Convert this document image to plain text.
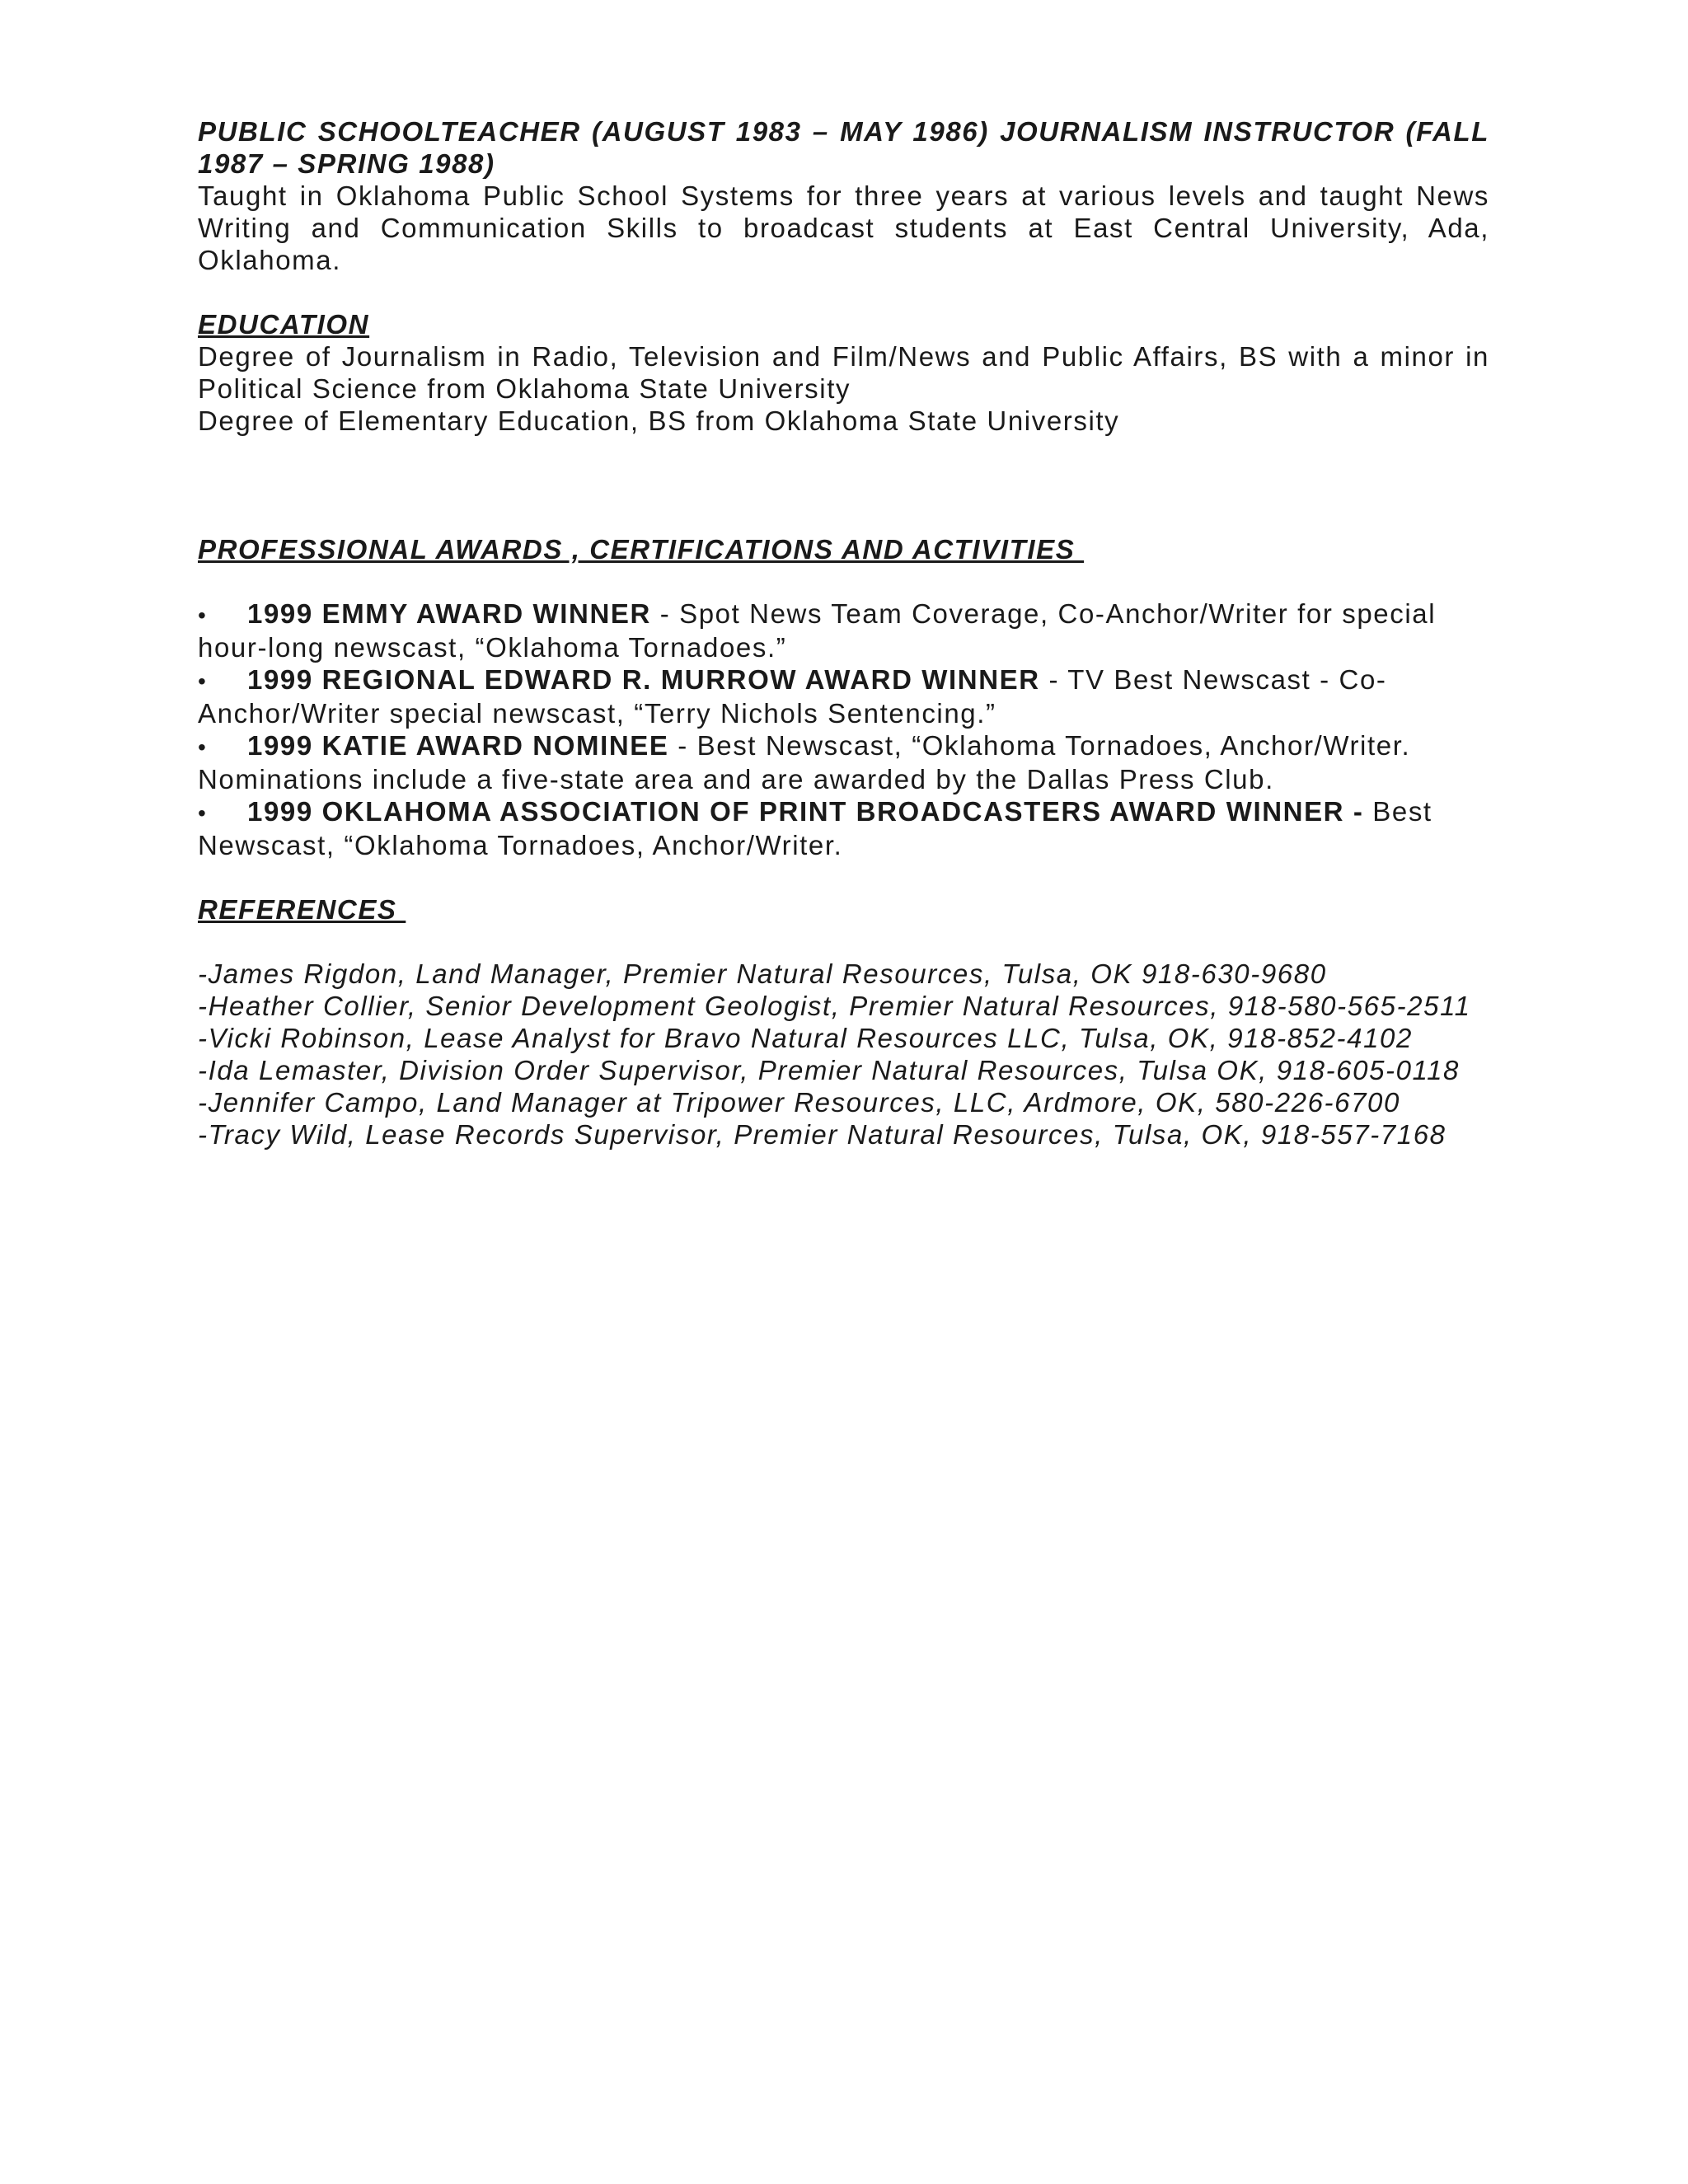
PUBLIC SCHOOLTEACHER (AUGUST 1983 – MAY 1986) JOURNALISM INSTRUCTOR (FALL 1987 – SPRING 1988)

Taught in Oklahoma Public School Systems for three years at various levels and taught News Writing and Communication Skills to broadcast students at East Central University, Ada, Oklahoma.

EDUCATION

Degree of Journalism in Radio, Television and Film/News and Public Affairs, BS with a minor in Political Science from Oklahoma State University

Degree of Elementary Education, BS from Oklahoma State University

PROFESSIONAL AWARDS , CERTIFICATIONS AND ACTIVITIES

• 1999 EMMY AWARD WINNER - Spot News Team Coverage, Co-Anchor/Writer for special hour-long newscast, “Oklahoma Tornadoes.”
• 1999 REGIONAL EDWARD R. MURROW AWARD WINNER - TV Best Newscast - Co-Anchor/Writer special newscast, “Terry Nichols Sentencing.”
• 1999 KATIE AWARD NOMINEE - Best Newscast, “Oklahoma Tornadoes, Anchor/Writer. Nominations include a five-state area and are awarded by the Dallas Press Club.
• 1999 OKLAHOMA ASSOCIATION OF PRINT BROADCASTERS AWARD WINNER - Best Newscast, “Oklahoma Tornadoes, Anchor/Writer.

REFERENCES

-James Rigdon, Land Manager, Premier Natural Resources, Tulsa, OK 918-630-9680
-Heather Collier, Senior Development Geologist, Premier Natural Resources, 918-580-565-2511
-Vicki Robinson, Lease Analyst for Bravo Natural Resources LLC, Tulsa, OK, 918-852-4102
-Ida Lemaster, Division Order Supervisor, Premier Natural Resources, Tulsa OK, 918-605-0118
-Jennifer Campo, Land Manager at Tripower Resources, LLC, Ardmore, OK, 580-226-6700
-Tracy Wild, Lease Records Supervisor, Premier Natural Resources, Tulsa, OK, 918-557-7168
